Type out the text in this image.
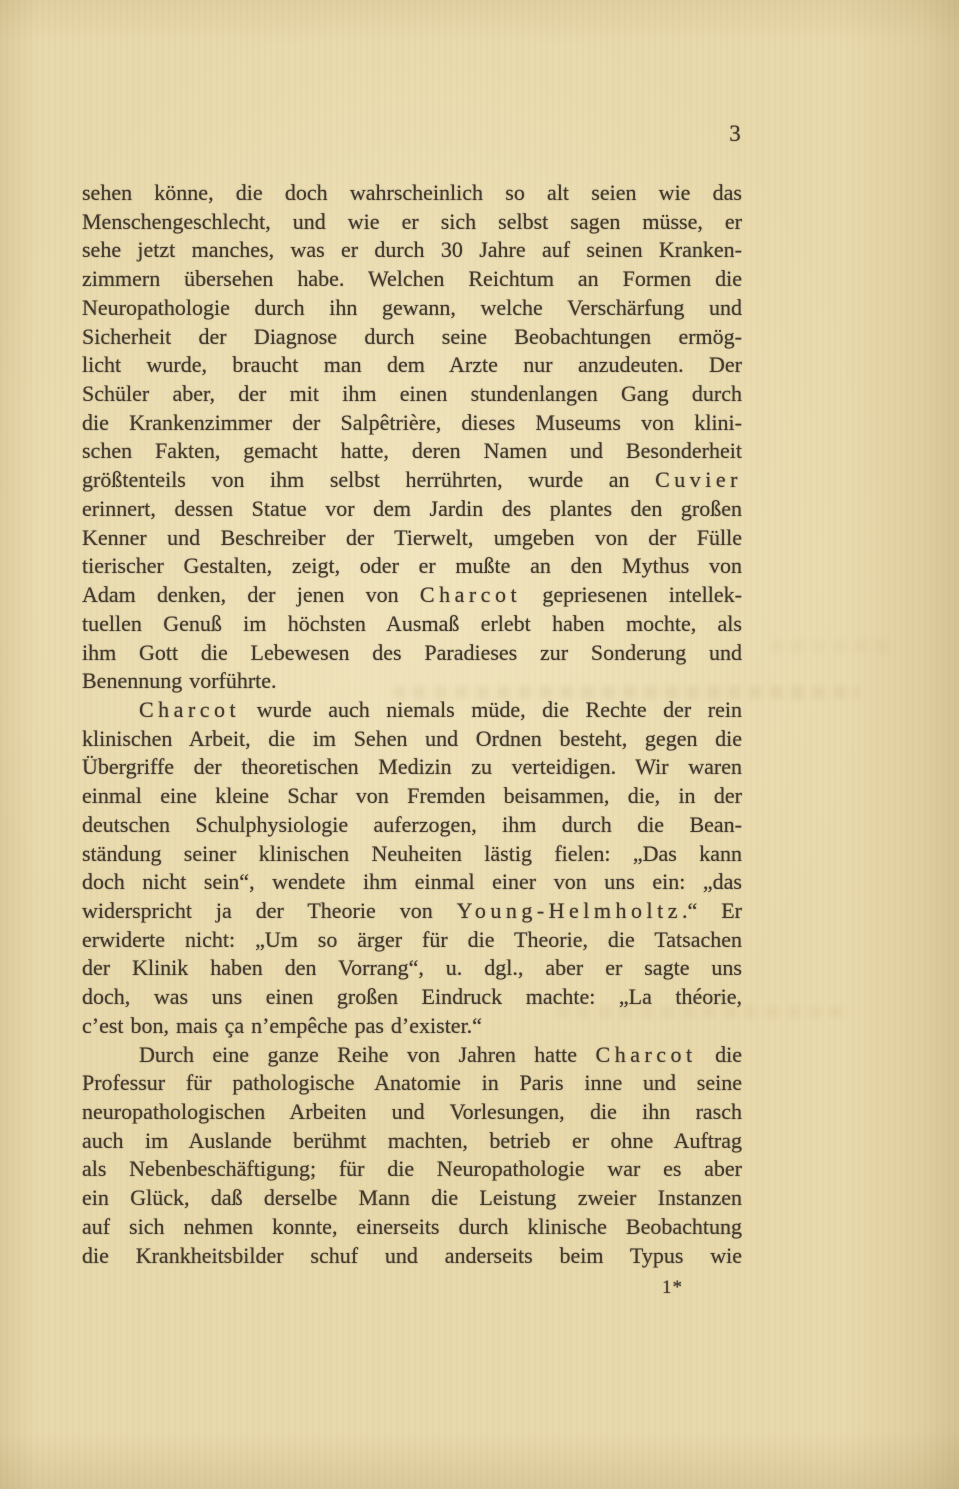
3
sehen könne, die doch wahrscheinlich so alt seien wie das
Menschengeschlecht, und wie er sich selbst sagen müsse, er
sehe jetzt manches, was er durch 30 Jahre auf seinen Kranken-
zimmern übersehen habe. Welchen Reichtum an Formen die
Neuropathologie durch ihn gewann, welche Verschärfung und
Sicherheit der Diagnose durch seine Beobachtungen ermög-
licht wurde, braucht man dem Arzte nur anzudeuten. Der
Schüler aber, der mit ihm einen stundenlangen Gang durch
die Krankenzimmer der Salpêtrière, dieses Museums von klini-
schen Fakten, gemacht hatte, deren Namen und Besonderheit
größtenteils von ihm selbst herrührten, wurde an Cuvier
erinnert, dessen Statue vor dem Jardin des plantes den großen
Kenner und Beschreiber der Tierwelt, umgeben von der Fülle
tierischer Gestalten, zeigt, oder er mußte an den Mythus von
Adam denken, der jenen von Charcot gepriesenen intellek-
tuellen Genuß im höchsten Ausmaß erlebt haben mochte, als
ihm Gott die Lebewesen des Paradieses zur Sonderung und
Benennung vorführte.
Charcot wurde auch niemals müde, die Rechte der rein
klinischen Arbeit, die im Sehen und Ordnen besteht, gegen die
Übergriffe der theoretischen Medizin zu verteidigen. Wir waren
einmal eine kleine Schar von Fremden beisammen, die, in der
deutschen Schulphysiologie auferzogen, ihm durch die Bean-
ständung seiner klinischen Neuheiten lästig fielen: „Das kann
doch nicht sein“, wendete ihm einmal einer von uns ein: „das
widerspricht ja der Theorie von Young-Helmholtz.“ Er
erwiderte nicht: „Um so ärger für die Theorie, die Tatsachen
der Klinik haben den Vorrang“, u. dgl., aber er sagte uns
doch, was uns einen großen Eindruck machte: „La théorie,
c’est bon, mais ça n’empêche pas d’exister.“
Durch eine ganze Reihe von Jahren hatte Charcot die
Professur für pathologische Anatomie in Paris inne und seine
neuropathologischen Arbeiten und Vorlesungen, die ihn rasch
auch im Auslande berühmt machten, betrieb er ohne Auftrag
als Nebenbeschäftigung; für die Neuropathologie war es aber
ein Glück, daß derselbe Mann die Leistung zweier Instanzen
auf sich nehmen konnte, einerseits durch klinische Beobachtung
die Krankheitsbilder schuf und anderseits beim Typus wie
1*
